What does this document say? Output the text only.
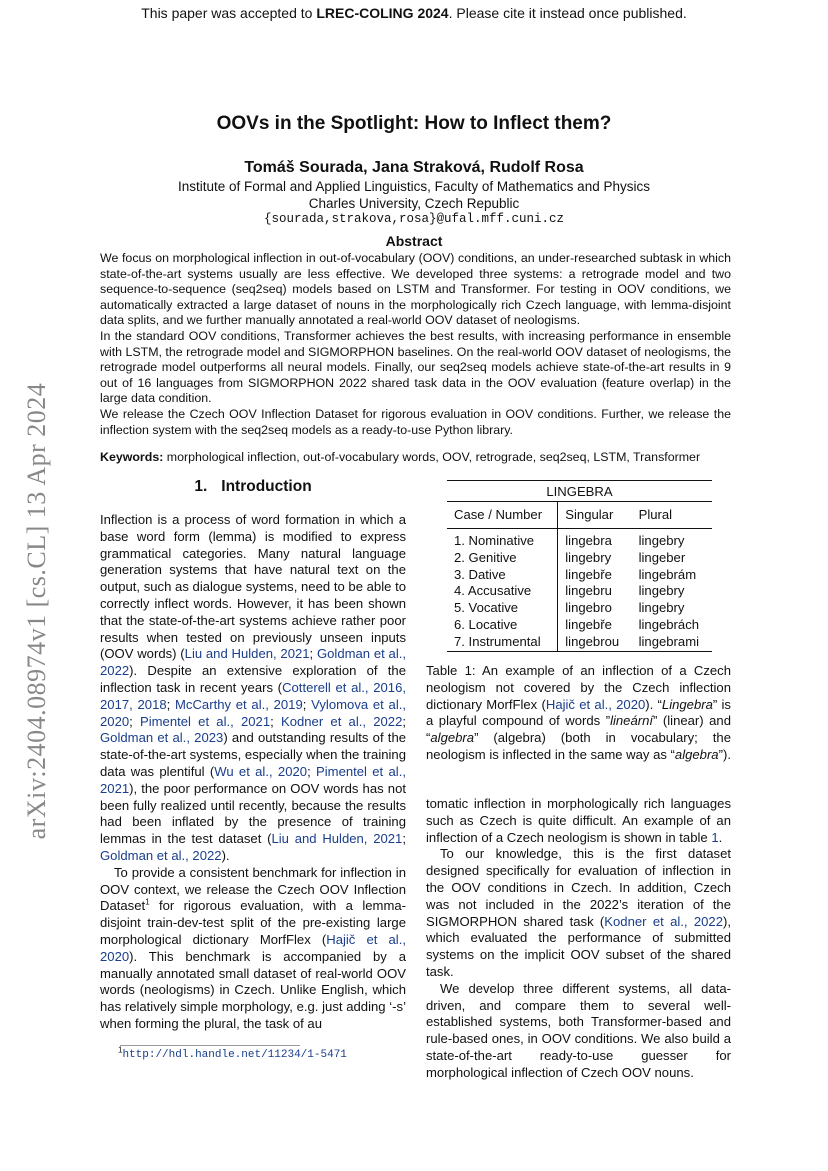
This paper was accepted to LREC-COLING 2024. Please cite it instead once published.
arXiv:2404.08974v1 [cs.CL] 13 Apr 2024
OOVs in the Spotlight: How to Inflect them?
Tomáš Sourada, Jana Straková, Rudolf Rosa
Institute of Formal and Applied Linguistics, Faculty of Mathematics and Physics
Charles University, Czech Republic
{sourada,strakova,rosa}@ufal.mff.cuni.cz
Abstract

We focus on morphological inflection in out-of-vocabulary (OOV) conditions, an under-researched subtask in which state-of-the-art systems usually are less effective. We developed three systems: a retrograde model and two sequence-to-sequence (seq2seq) models based on LSTM and Transformer. For testing in OOV conditions, we automatically extracted a large dataset of nouns in the morphologically rich Czech language, with lemma-disjoint data splits, and we further manually annotated a real-world OOV dataset of neologisms.

In the standard OOV conditions, Transformer achieves the best results, with increasing performance in ensemble with LSTM, the retrograde model and SIGMORPHON baselines. On the real-world OOV dataset of neologisms, the retrograde model outperforms all neural models. Finally, our seq2seq models achieve state-of-the-art results in 9 out of 16 languages from SIGMORPHON 2022 shared task data in the OOV evaluation (feature overlap) in the large data condition.

We release the Czech OOV Inflection Dataset for rigorous evaluation in OOV conditions. Further, we release the inflection system with the seq2seq models as a ready-to-use Python library.

Keywords: morphological inflection, out-of-vocabulary words, OOV, retrograde, seq2seq, LSTM, Transformer
1. Introduction

Inflection is a process of word formation in which a base word form (lemma) is modified to express grammatical categories. Many natural language generation systems that have natural text on the output, such as dialogue systems, need to be able to correctly inflect words. However, it has been shown that the state-of-the-art systems achieve rather poor results when tested on previously unseen inputs (OOV words) (Liu and Hulden, 2021; Goldman et al., 2022). Despite an extensive exploration of the inflection task in recent years (Cotterell et al., 2016, 2017, 2018; McCarthy et al., 2019; Vylomova et al., 2020; Pimentel et al., 2021; Kodner et al., 2022; Goldman et al., 2023) and outstanding results of the state-of-the-art systems, especially when the training data was plentiful (Wu et al., 2020; Pimentel et al., 2021), the poor performance on OOV words has not been fully realized until recently, because the results had been inflated by the presence of training lemmas in the test dataset (Liu and Hulden, 2021; Goldman et al., 2022).

To provide a consistent benchmark for inflection in OOV context, we release the Czech OOV Inflection Dataset$^1$ for rigorous evaluation, with a lemma-disjoint train-dev-test split of the pre-existing large morphological dictionary MorfFlex (Hajič et al., 2020). This benchmark is accompanied by a manually annotated small dataset of real-world OOV words (neologisms) in Czech. Unlike English, which has relatively simple morphology, e.g. just adding ‘-s’ when forming the plural, the task of au

$^1$http://hdl.handle.net/11234/1-5471
LINGEBRA
Case / Number	Singular	Plural

1. Nominative	lingebra	lingebry
2. Genitive	lingebry	lingeber
3. Dative	lingebře	lingebrám
4. Accusative	lingebru	lingebry
5. Vocative	lingebro	lingebry
6. Locative	lingebře	lingebrách
7. Instrumental	lingebrou	lingebrami

Table 1: An example of an inflection of a Czech neologism not covered by the Czech inflection dictionary MorfFlex (Hajič et al., 2020). “Lingebra” is a playful compound of words ”lineární” (linear) and “algebra” (algebra) (both in vocabulary; the neologism is inflected in the same way as “algebra”).

tomatic inflection in morphologically rich languages such as Czech is quite difficult. An example of an inflection of a Czech neologism is shown in table 1.

To our knowledge, this is the first dataset designed specifically for evaluation of inflection in the OOV conditions in Czech. In addition, Czech was not included in the 2022’s iteration of the SIGMORPHON shared task (Kodner et al., 2022), which evaluated the performance of submitted systems on the implicit OOV subset of the shared task.

We develop three different systems, all data-driven, and compare them to several well-established systems, both Transformer-based and rule-based ones, in OOV conditions. We also build a state-of-the-art ready-to-use guesser for morphological inflection of Czech OOV nouns.
